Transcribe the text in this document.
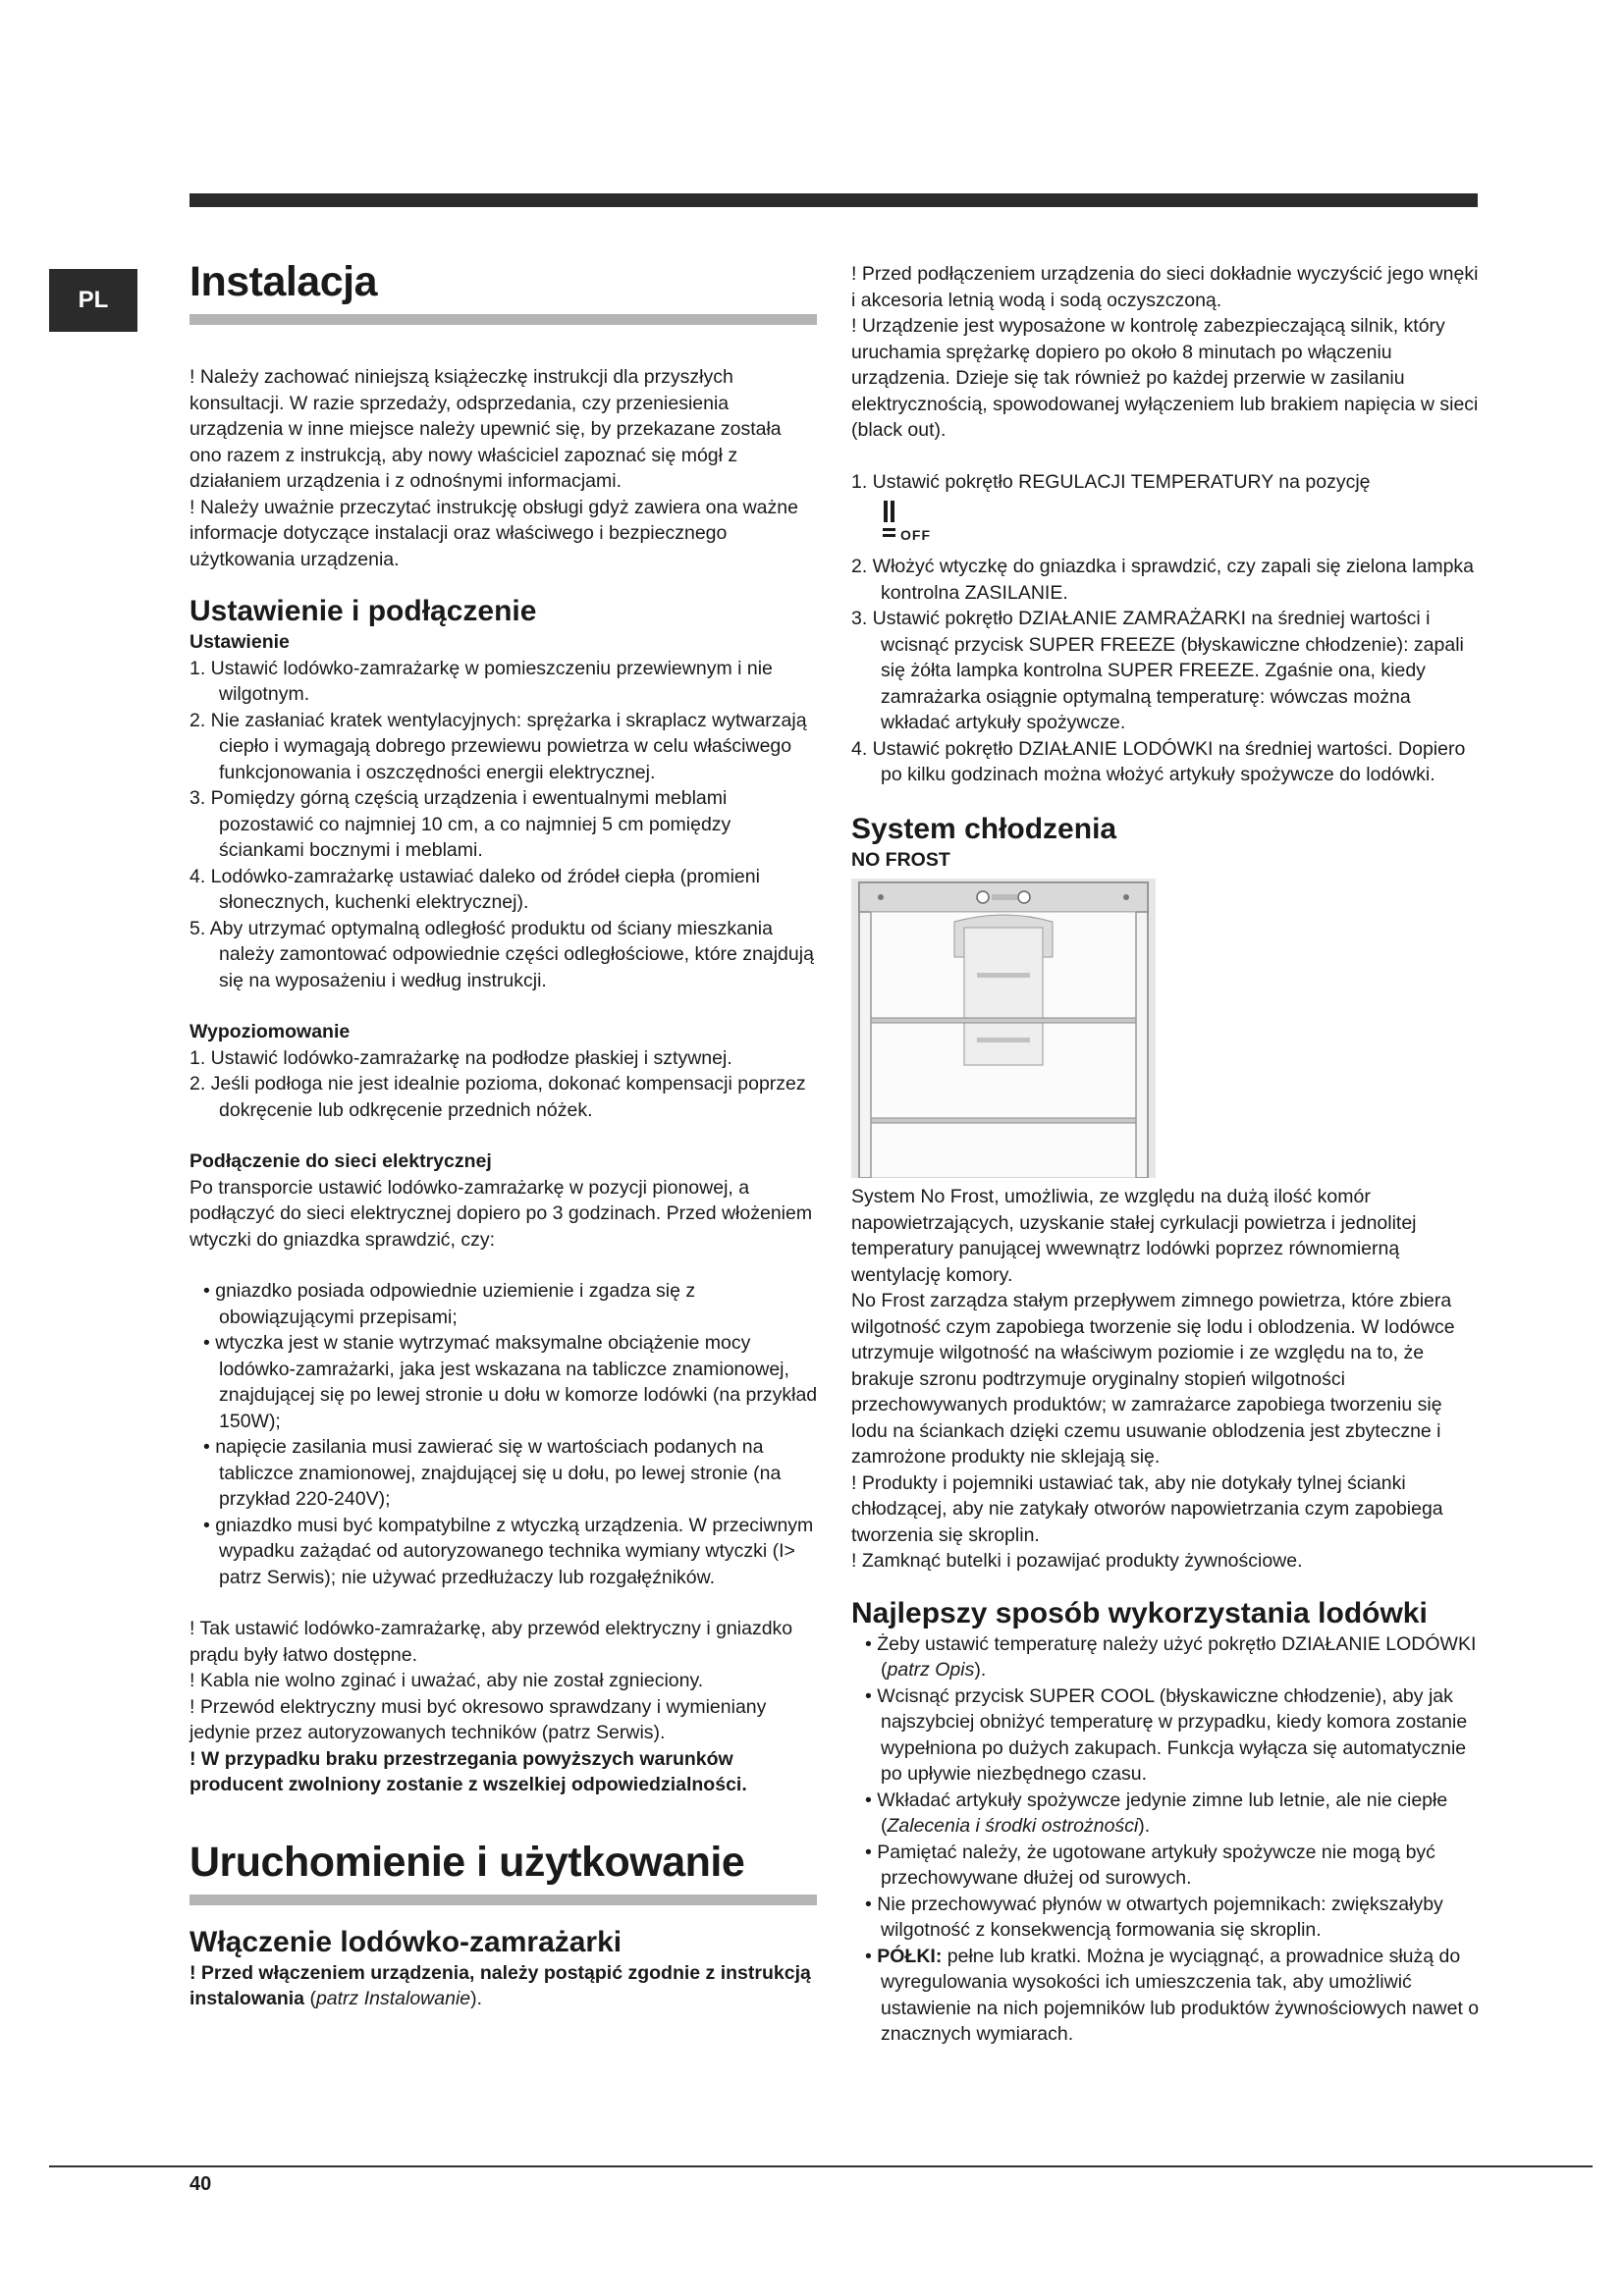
PL	Instalacja

! Należy zachować niniejszą książeczkę instrukcji dla przyszłych konsultacji. W razie sprzedaży, odsprzedania, czy przeniesienia urządzenia w inne miejsce należy upewnić się, by przekazane została ono razem z instrukcją, aby nowy właściciel zapoznać się mógł z działaniem urządzenia i z odnośnymi informacjami.

! Należy uważnie przeczytać instrukcję obsługi gdyż zawiera ona ważne informacje dotyczące instalacji oraz właściwego i bezpiecznego użytkowania urządzenia.

Ustawienie i podłączenie

Ustawienie

1. Ustawić lodówko-zamrażarkę w pomieszczeniu przewiewnym i nie wilgotnym.
2. Nie zasłaniać kratek wentylacyjnych: sprężarka i skraplacz wytwarzają ciepło i wymagają dobrego przewiewu powietrza w celu właściwego funkcjonowania i oszczędności energii elektrycznej.
3. Pomiędzy górną częścią urządzenia i ewentualnymi meblami pozostawić co najmniej 10 cm, a co najmniej 5 cm pomiędzy ściankami bocznymi i meblami.
4. Lodówko-zamrażarkę ustawiać daleko od źródeł ciepła (promieni słonecznych, kuchenki elektrycznej).
5. Aby utrzymać optymalną odległość produktu od ściany mieszkania należy zamontować odpowiednie części odległościowe, które znajdują się na wyposażeniu i według instrukcji.

Wypoziomowanie

1. Ustawić lodówko-zamrażarkę na podłodze płaskiej i sztywnej.
2. Jeśli podłoga nie jest idealnie pozioma, dokonać kompensacji poprzez dokręcenie lub odkręcenie przednich nóżek.

Podłączenie do sieci elektrycznej

Po transporcie ustawić lodówko-zamrażarkę w pozycji pionowej, a podłączyć do sieci elektrycznej dopiero po 3 godzinach. Przed włożeniem wtyczki do gniazdka sprawdzić, czy:

• gniazdko posiada odpowiednie uziemienie i zgadza się z obowiązującymi przepisami;
• wtyczka jest w stanie wytrzymać maksymalne obciążenie mocy lodówko-zamrażarki, jaka jest wskazana na tabliczce znamionowej, znajdującej się po lewej stronie u dołu w komorze lodówki (na przykład 150W);
• napięcie zasilania musi zawierać się w wartościach podanych na tabliczce znamionowej, znajdującej się u dołu, po lewej stronie (na przykład 220-240V);
• gniazdko musi być kompatybilne z wtyczką urządzenia. W przeciwnym wypadku zażądać od autoryzowanego technika wymiany wtyczki (I> patrz Serwis); nie używać przedłużaczy lub rozgałęźników.

! Tak ustawić lodówko-zamrażarkę, aby przewód elektryczny i gniazdko prądu były łatwo dostępne.

! Kabla nie wolno zginać i uważać, aby nie został zgnieciony.

! Przewód elektryczny musi być okresowo sprawdzany i wymieniany jedynie przez autoryzowanych techników (patrz Serwis).

! W przypadku braku przestrzegania powyższych warunków producent zwolniony zostanie z wszelkiej odpowiedzialności.

Uruchomienie i użytkowanie
Włączenie lodówko-zamrażarki

! Przed włączeniem urządzenia, należy postąpić zgodnie z instrukcją instalowania (patrz Instalowanie).

! Przed podłączeniem urządzenia do sieci dokładnie wyczyścić jego wnęki i akcesoria letnią wodą i sodą oczyszczoną.

! Urządzenie jest wyposażone w kontrolę zabezpieczającą silnik, który uruchamia sprężarkę dopiero po około 8 minutach po włączeniu urządzenia. Dzieje się tak również po każdej przerwie w zasilaniu elektrycznością, spowodowanej wyłączeniem lub brakiem napięcia w sieci (black out).

1. Ustawić pokrętło REGULACJI TEMPERATURY na pozycję
OFF
2. Włożyć wtyczkę do gniazdka i sprawdzić, czy zapali się zielona lampka kontrolna ZASILANIE.
3. Ustawić pokrętło DZIAŁANIE ZAMRAŻARKI na średniej wartości i wcisnąć przycisk SUPER FREEZE (błyskawiczne chłodzenie): zapali się żółta lampka kontrolna SUPER FREEZE. Zgaśnie ona, kiedy zamrażarka osiągnie optymalną temperaturę: wówczas można wkładać artykuły spożywcze.
4. Ustawić pokrętło DZIAŁANIE LODÓWKI na średniej wartości. Dopiero po kilku godzinach można włożyć artykuły spożywcze do lodówki.
System chłodzenia

NO FROST

System No Frost, umożliwia, ze względu na dużą ilość komór napowietrzających, uzyskanie stałej cyrkulacji powietrza i jednolitej temperatury panującej wwewnątrz lodówki poprzez równomierną wentylację komory.

No Frost zarządza stałym przepływem zimnego powietrza, które zbiera wilgotność czym zapobiega tworzenie się lodu i oblodzenia. W lodówce utrzymuje wilgotność na właściwym poziomie i ze względu na to, że brakuje szronu podtrzymuje oryginalny stopień wilgotności przechowywanych produktów; w zamrażarce zapobiega tworzeniu się lodu na ściankach dzięki czemu usuwanie oblodzenia jest zbyteczne i zamrożone produkty nie sklejają się.

! Produkty i pojemniki ustawiać tak, aby nie dotykały tylnej ścianki chłodzącej, aby nie zatykały otworów napowietrzania czym zapobiega tworzenia się skroplin.

! Zamknąć butelki i pozawijać produkty żywnościowe.

Najlepszy sposób wykorzystania lodówki
• Żeby ustawić temperaturę należy użyć pokrętło DZIAŁANIE LODÓWKI (patrz Opis).
• Wcisnąć przycisk SUPER COOL (błyskawiczne chłodzenie), aby jak najszybciej obniżyć temperaturę w przypadku, kiedy komora zostanie wypełniona po dużych zakupach. Funkcja wyłącza się automatycznie po upływie niezbędnego czasu.
• Wkładać artykuły spożywcze jedynie zimne lub letnie, ale nie ciepłe (Zalecenia i środki ostrożności).
• Pamiętać należy, że ugotowane artykuły spożywcze nie mogą być przechowywane dłużej od surowych.
• Nie przechowywać płynów w otwartych pojemnikach: zwiększałyby wilgotność z konsekwencją formowania się skroplin.
• PÓŁKI: pełne lub kratki. Można je wyciągnąć, a prowadnice służą do wyregulowania wysokości ich umieszczenia tak, aby umożliwić ustawienie na nich pojemników lub produktów żywnościowych nawet o znacznych wymiarach.
40
